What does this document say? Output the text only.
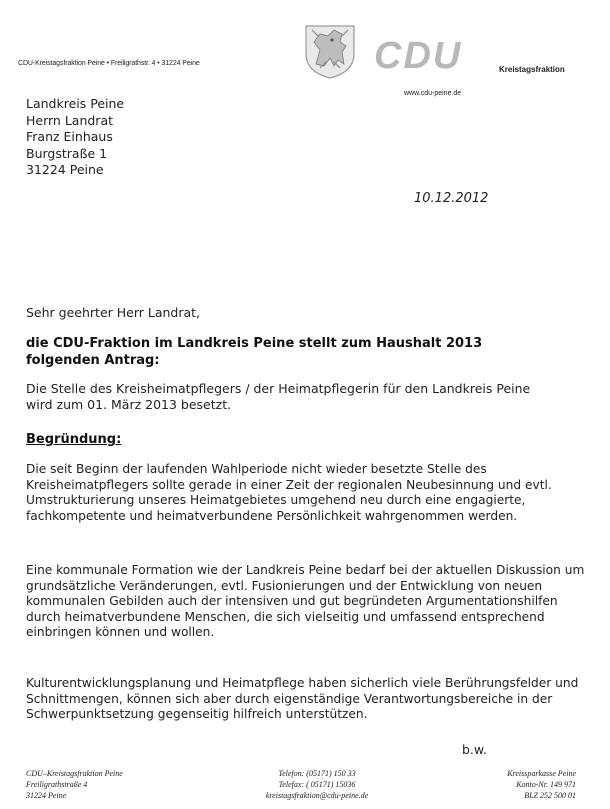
CDU-Kreistagsfraktion Peine • Freiligrathstr. 4 • 31224 Peine	CDU	Kreistagsfraktion
www.cdu-peine.de
Landkreis Peine
Herrn Landrat
Franz Einhaus
Burgstraße 1
31224 Peine
10.12.2012
Sehr geehrter Herr Landrat,
die CDU-Fraktion im Landkreis Peine stellt zum Haushalt 2013 folgenden Antrag:
Die Stelle des Kreisheimatpflegers / der Heimatpflegerin für den Landkreis Peine wird zum 01. März 2013 besetzt.
Begründung:
Die seit Beginn der laufenden Wahlperiode nicht wieder besetzte Stelle des Kreisheimatpflegers sollte gerade in einer Zeit der regionalen Neubesinnung und evtl. Umstrukturierung unseres Heimatgebietes umgehend neu durch eine engagierte, fachkompetente und heimatverbundene Persönlichkeit wahrgenommen werden.
Eine kommunale Formation wie der Landkreis Peine bedarf bei der aktuellen Diskussion um grundsätzliche Veränderungen, evtl. Fusionierungen und der Entwicklung von neuen kommunalen Gebilden auch der intensiven und gut begründeten Argumentationshilfen durch heimatverbundene Menschen, die sich vielseitig und umfassend entsprechend einbringen können und wollen.
Kulturentwicklungsplanung und Heimatpflege haben sicherlich viele Berührungsfelder und Schnittmengen, können sich aber durch eigenständige Verantwortungsbereiche in der Schwerpunktsetzung gegenseitig hilfreich unterstützen.
b.w.
CDU–Kreistagsfraktion Peine
Freiligrathstraße 4
31224 Peine
Telefon: (05171) 150 33
Telefax: ( 05171) 15036
kreistagsfraktion@cdu-peine.de
Kreissparkasse Peine
Konto-Nr. 149 971
BLZ 252 500 01
